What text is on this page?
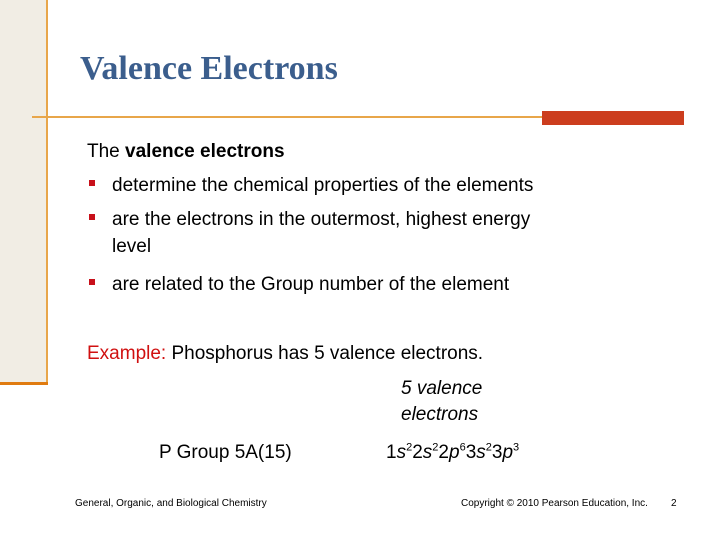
Valence Electrons
The valence electrons
determine the chemical properties of the elements
are the electrons in the outermost, highest energy
level
are related to the Group number of the element
Example: Phosphorus has 5 valence electrons.
5 valence
electrons
P Group 5A(15)	$1s^22s^22p^63s^23p^3$
General, Organic, and Biological Chemistry	Copyright © 2010 Pearson Education, Inc. 2
